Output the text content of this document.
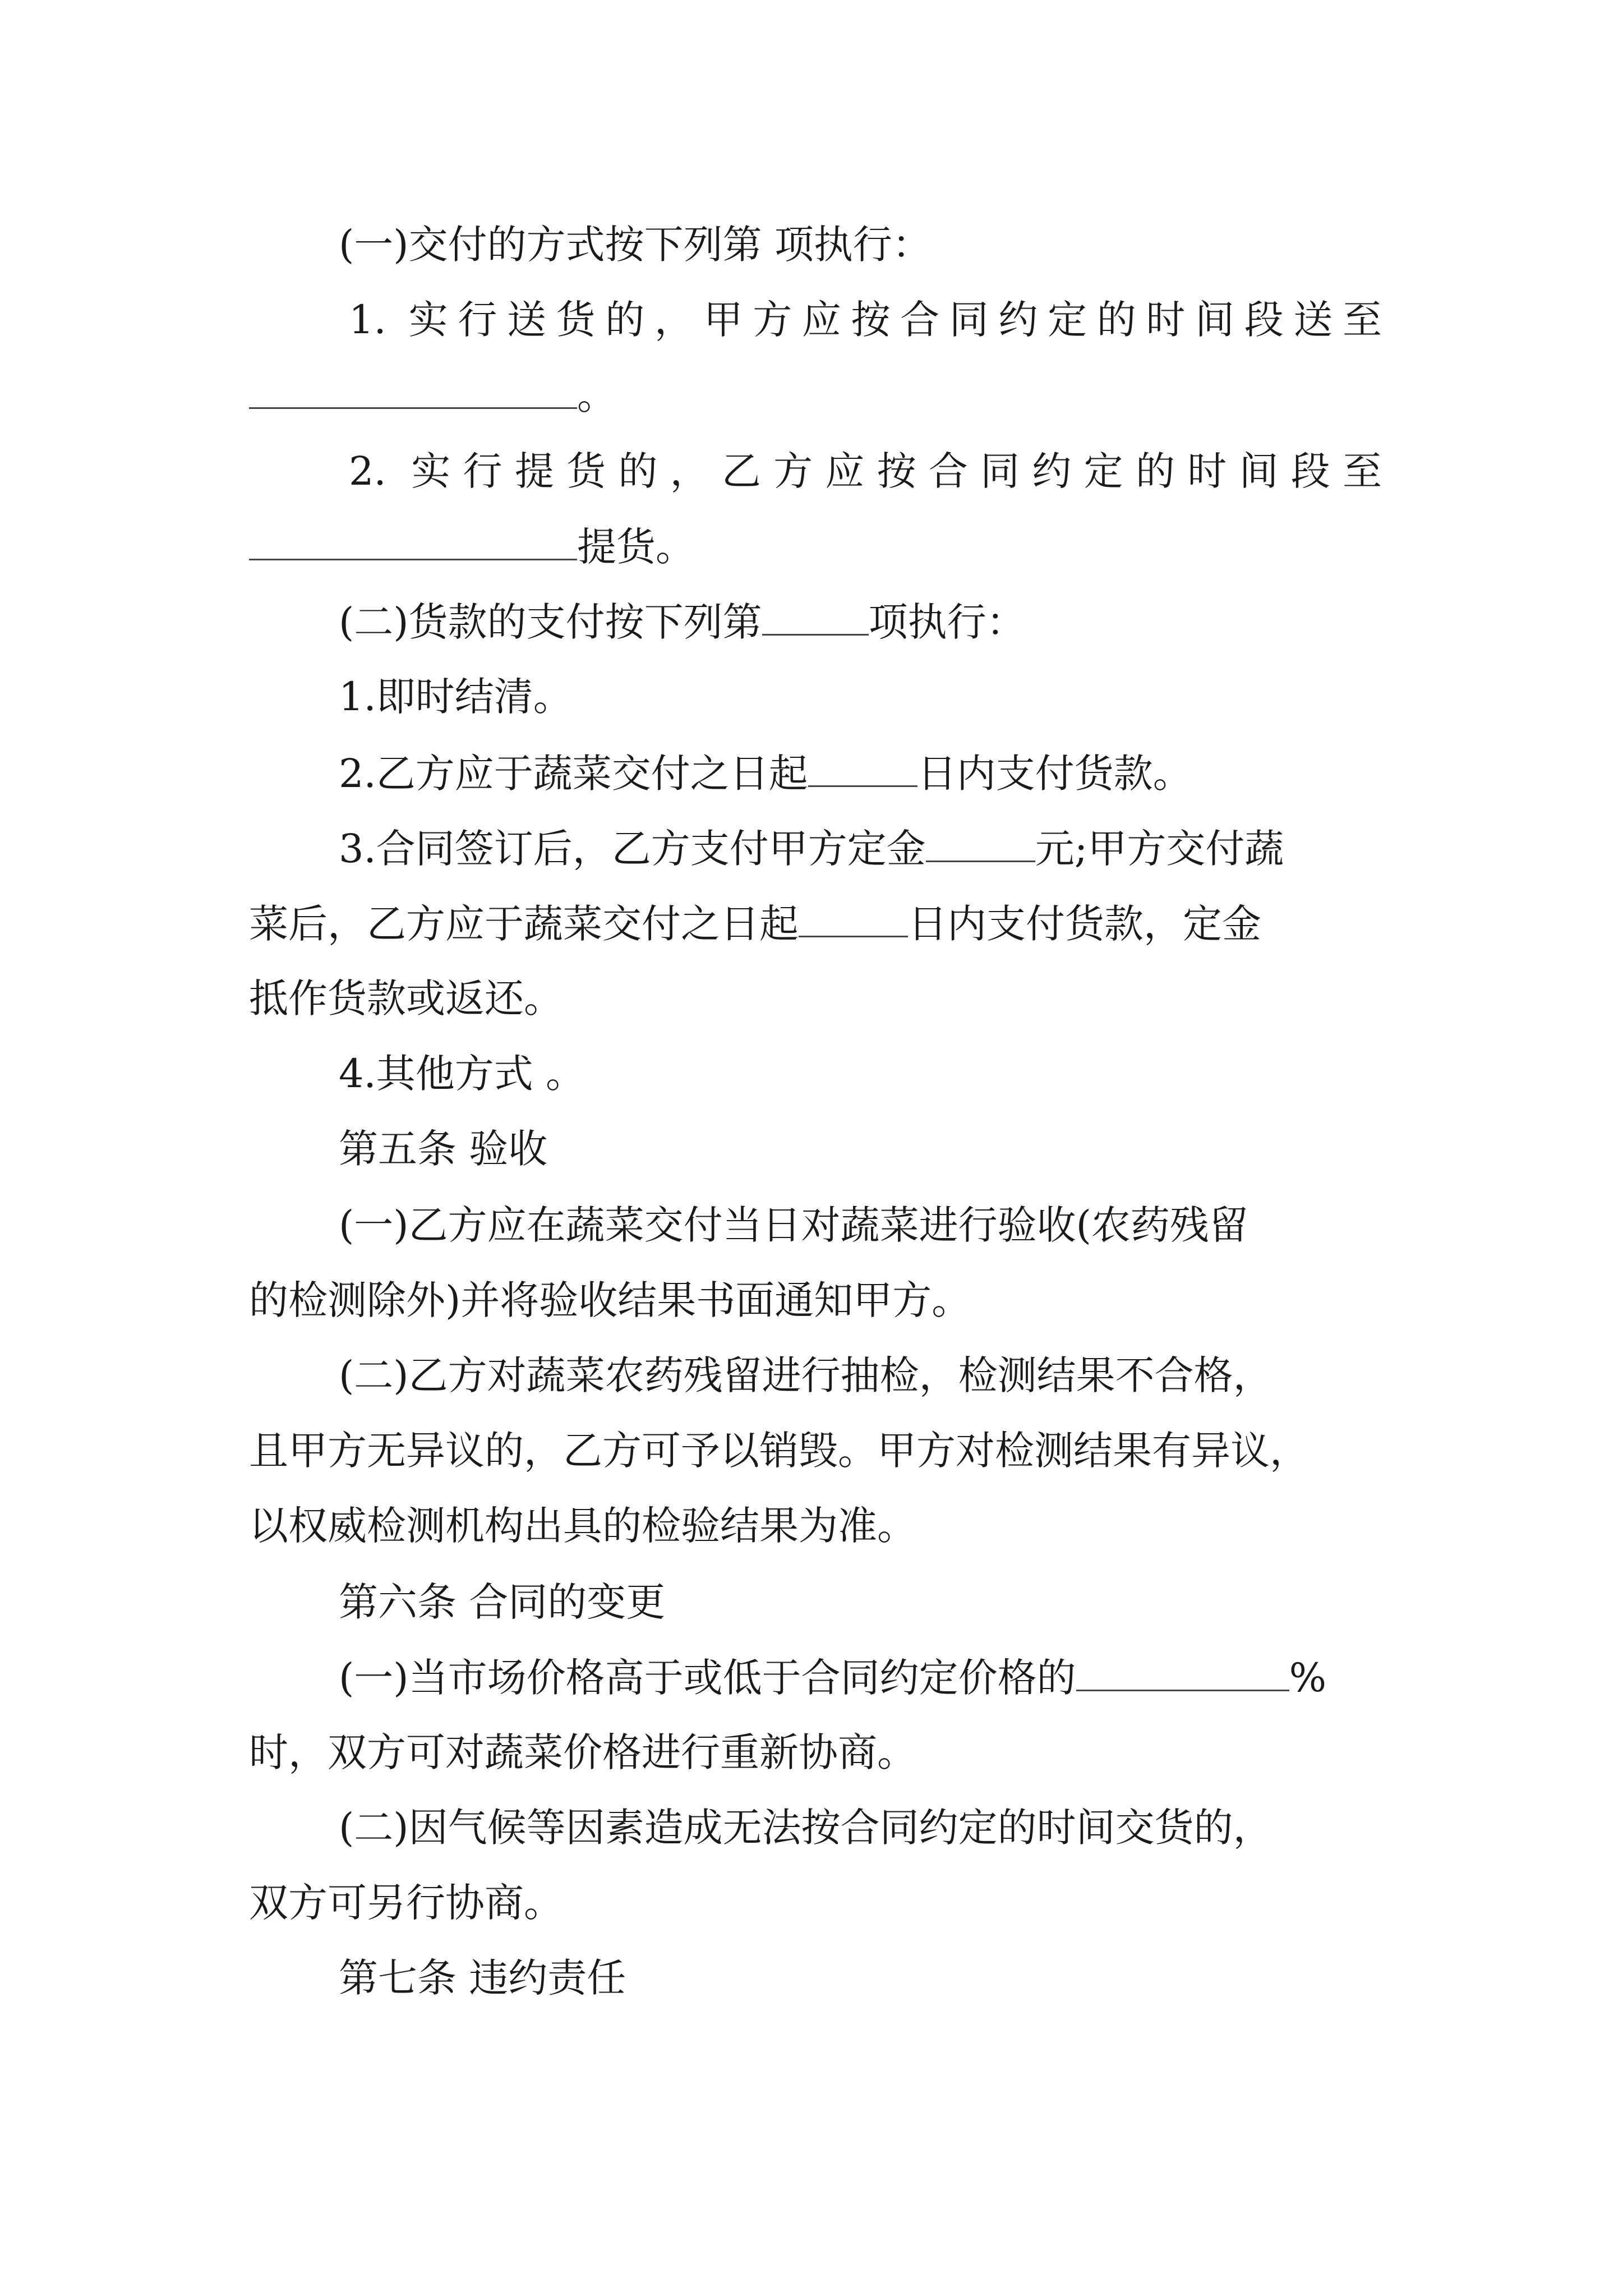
(一)交付的方式按下列第 项执行：
1. 实行送货的，甲方应按合同约定的时间段送至
。
2. 实行提货的，乙方应按合同约定的时间段至
提货。
(二)货款的支付按下列第	项执行：
1.即时结清。
2.乙方应于蔬菜交付之日起	日内支付货款。
3.合同签订后，乙方支付甲方定金	元;甲方交付蔬
菜后，乙方应于蔬菜交付之日起	日内支付货款，定金
抵作货款或返还。
4.其他方式 。
第五条 验收
(一)乙方应在蔬菜交付当日对蔬菜进行验收(农药残留
的检测除外)并将验收结果书面通知甲方。
(二)乙方对蔬菜农药残留进行抽检，检测结果不合格，
且甲方无异议的，乙方可予以销毁。甲方对检测结果有异议，
以权威检测机构出具的检验结果为准。
第六条 合同的变更
(一)当市场价格高于或低于合同约定价格的	%
时，双方可对蔬菜价格进行重新协商。
(二)因气候等因素造成无法按合同约定的时间交货的，
双方可另行协商。
第七条 违约责任
